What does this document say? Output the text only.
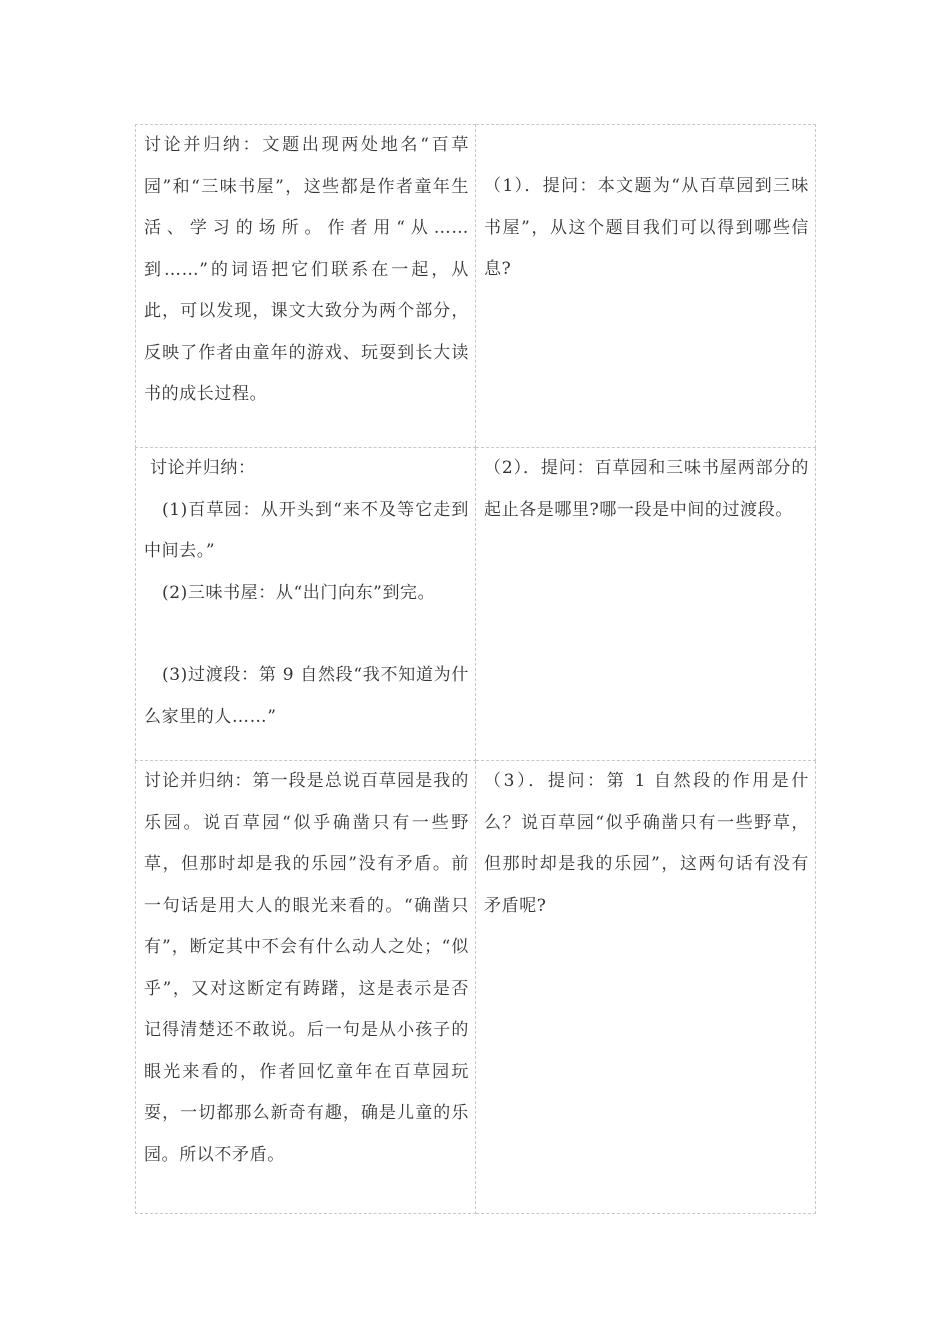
讨论并归纳：文题出现两处地名“百草园”和“三味书屋”，这些都是作者童年生活、学习的场所。作者用“从……到……”的词语把它们联系在一起，从此，可以发现，课文大致分为两个部分，反映了作者由童年的游戏、玩耍到长大读书的成长过程。	（1）．提问：本文题为“从百草园到三味书屋”，从这个题目我们可以得到哪些信息?

讨论并归纳：

(1)百草园：从开头到“来不及等它走到中间去。”

(2)三味书屋：从“出门向东”到完。

(3)过渡段：第 9 自然段“我不知道为什么家里的人……”	（2）．提问：百草园和三味书屋两部分的起止各是哪里?哪一段是中间的过渡段。

讨论并归纳：第一段是总说百草园是我的乐园。说百草园“似乎确凿只有一些野草，但那时却是我的乐园”没有矛盾。前一句话是用大人的眼光来看的。“确凿只有”，断定其中不会有什么动人之处；“似乎”，又对这断定有踌躇，这是表示是否记得清楚还不敢说。后一句是从小孩子的眼光来看的，作者回忆童年在百草园玩耍，一切都那么新奇有趣，确是儿童的乐园。所以不矛盾。	（3）．提问：第 1 自然段的作用是什么？说百草园“似乎确凿只有一些野草，但那时却是我的乐园”，这两句话有没有矛盾呢?
